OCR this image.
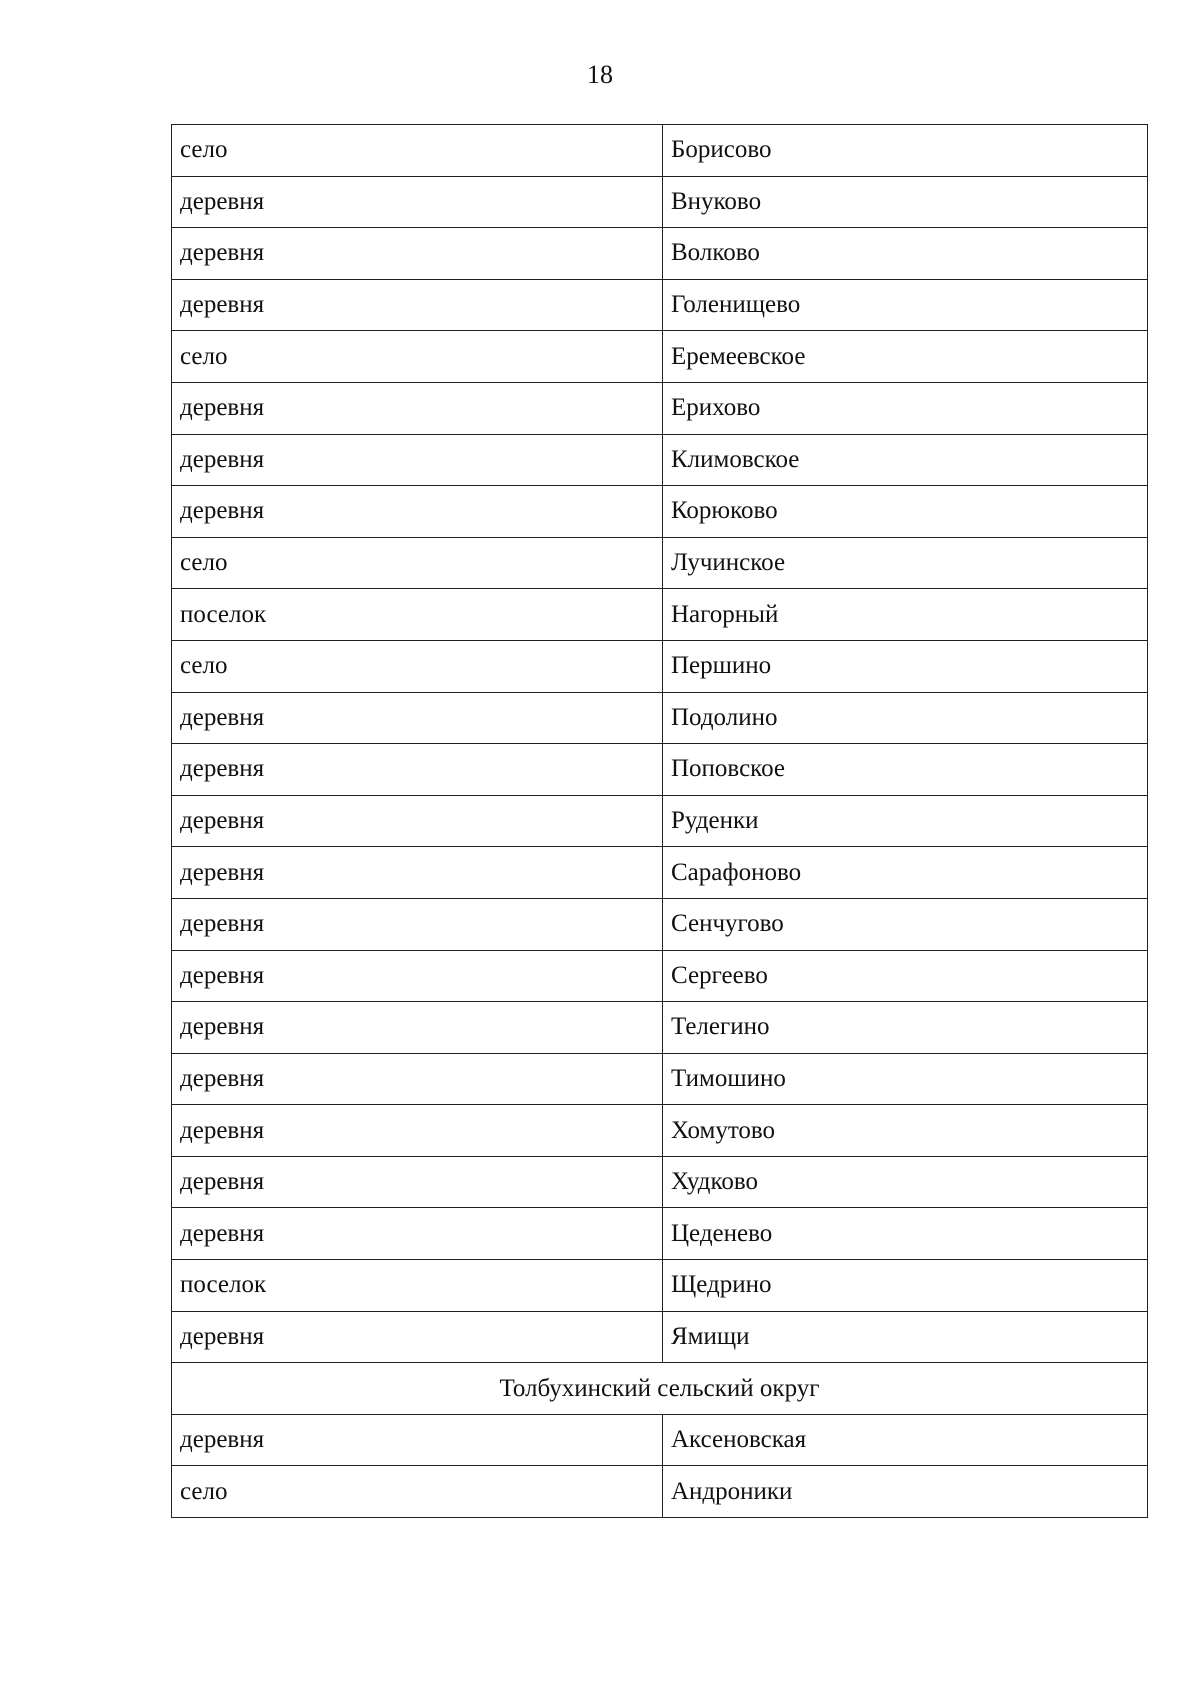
18
село	Борисово
деревня	Внуково
деревня	Волково
деревня	Голенищево
село	Еремеевское
деревня	Ерихово
деревня	Климовское
деревня	Корюково
село	Лучинское
поселок	Нагорный
село	Першино
деревня	Подолино
деревня	Поповское
деревня	Руденки
деревня	Сарафоново
деревня	Сенчугово
деревня	Сергеево
деревня	Телегино
деревня	Тимошино
деревня	Хомутово
деревня	Худково
деревня	Цеденево
поселок	Щедрино
деревня	Ямищи
Толбухинский сельский округ	
деревня	Аксеновская
село	Андроники
